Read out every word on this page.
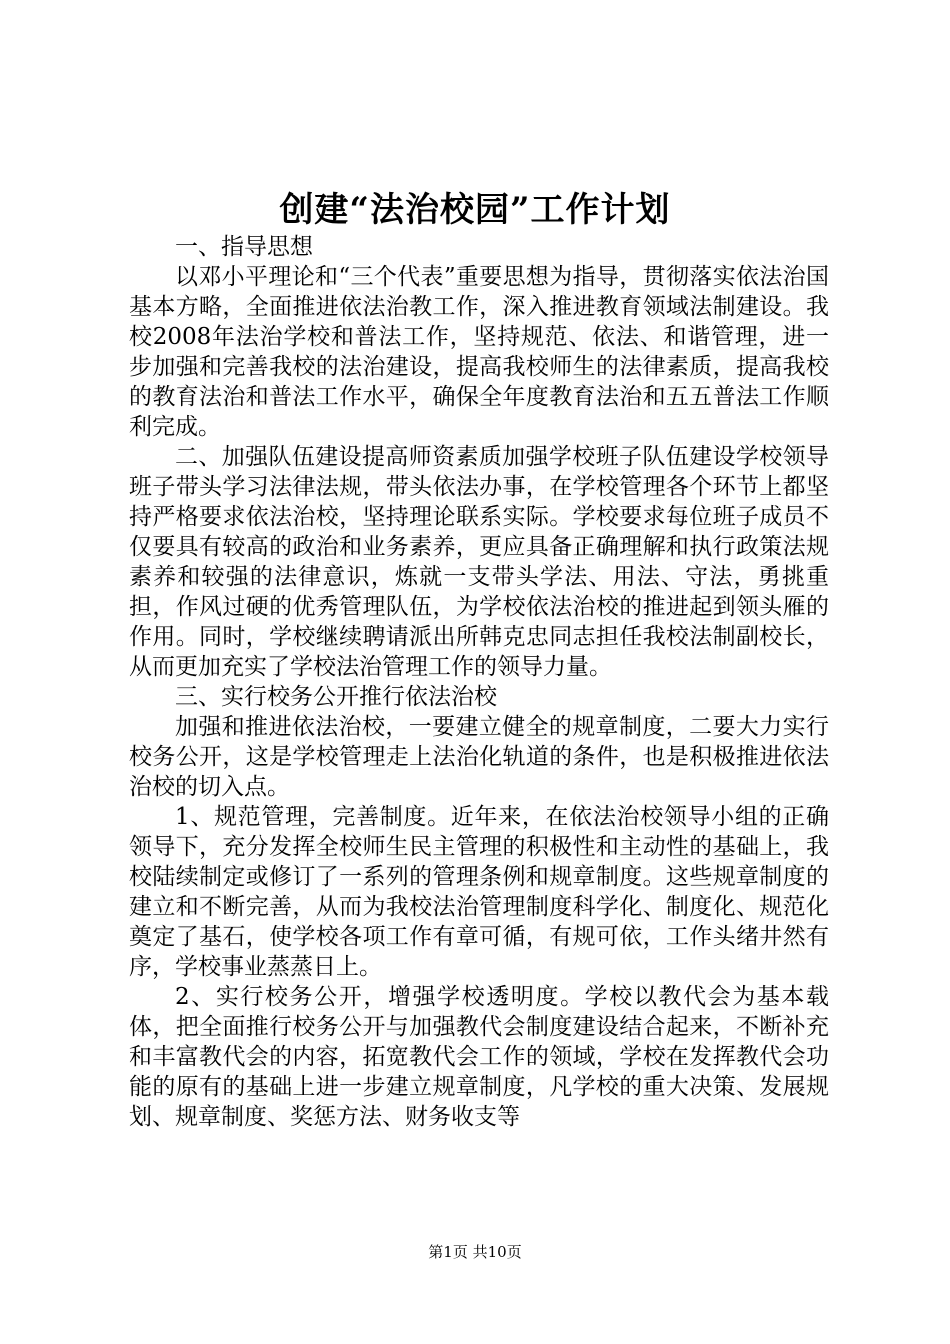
创建“法治校园”工作计划

一、指导思想

以邓小平理论和“三个代表”重要思想为指导，贯彻落实依法治国基本方略，全面推进依法治教工作，深入推进教育领域法制建设。我校2008年法治学校和普法工作，坚持规范、依法、和谐管理，进一步加强和完善我校的法治建设，提高我校师生的法律素质，提高我校的教育法治和普法工作水平，确保全年度教育法治和五五普法工作顺利完成。

二、加强队伍建设提高师资素质加强学校班子队伍建设学校领导班子带头学习法律法规，带头依法办事，在学校管理各个环节上都坚持严格要求依法治校，坚持理论联系实际。学校要求每位班子成员不仅要具有较高的政治和业务素养，更应具备正确理解和执行政策法规素养和较强的法律意识，炼就一支带头学法、用法、守法，勇挑重担，作风过硬的优秀管理队伍，为学校依法治校的推进起到领头雁的作用。同时，学校继续聘请派出所韩克忠同志担任我校法制副校长，从而更加充实了学校法治管理工作的领导力量。

三、实行校务公开推行依法治校

加强和推进依法治校，一要建立健全的规章制度，二要大力实行校务公开，这是学校管理走上法治化轨道的条件，也是积极推进依法治校的切入点。

1、规范管理，完善制度。近年来，在依法治校领导小组的正确领导下，充分发挥全校师生民主管理的积极性和主动性的基础上，我校陆续制定或修订了一系列的管理条例和规章制度。这些规章制度的建立和不断完善，从而为我校法治管理制度科学化、制度化、规范化奠定了基石，使学校各项工作有章可循，有规可依，工作头绪井然有序，学校事业蒸蒸日上。

2、实行校务公开，增强学校透明度。学校以教代会为基本载体，把全面推行校务公开与加强教代会制度建设结合起来，不断补充和丰富教代会的内容，拓宽教代会工作的领域，学校在发挥教代会功能的原有的基础上进一步建立规章制度，凡学校的重大决策、发展规划、规章制度、奖惩方法、财务收支等

第1页 共10页
